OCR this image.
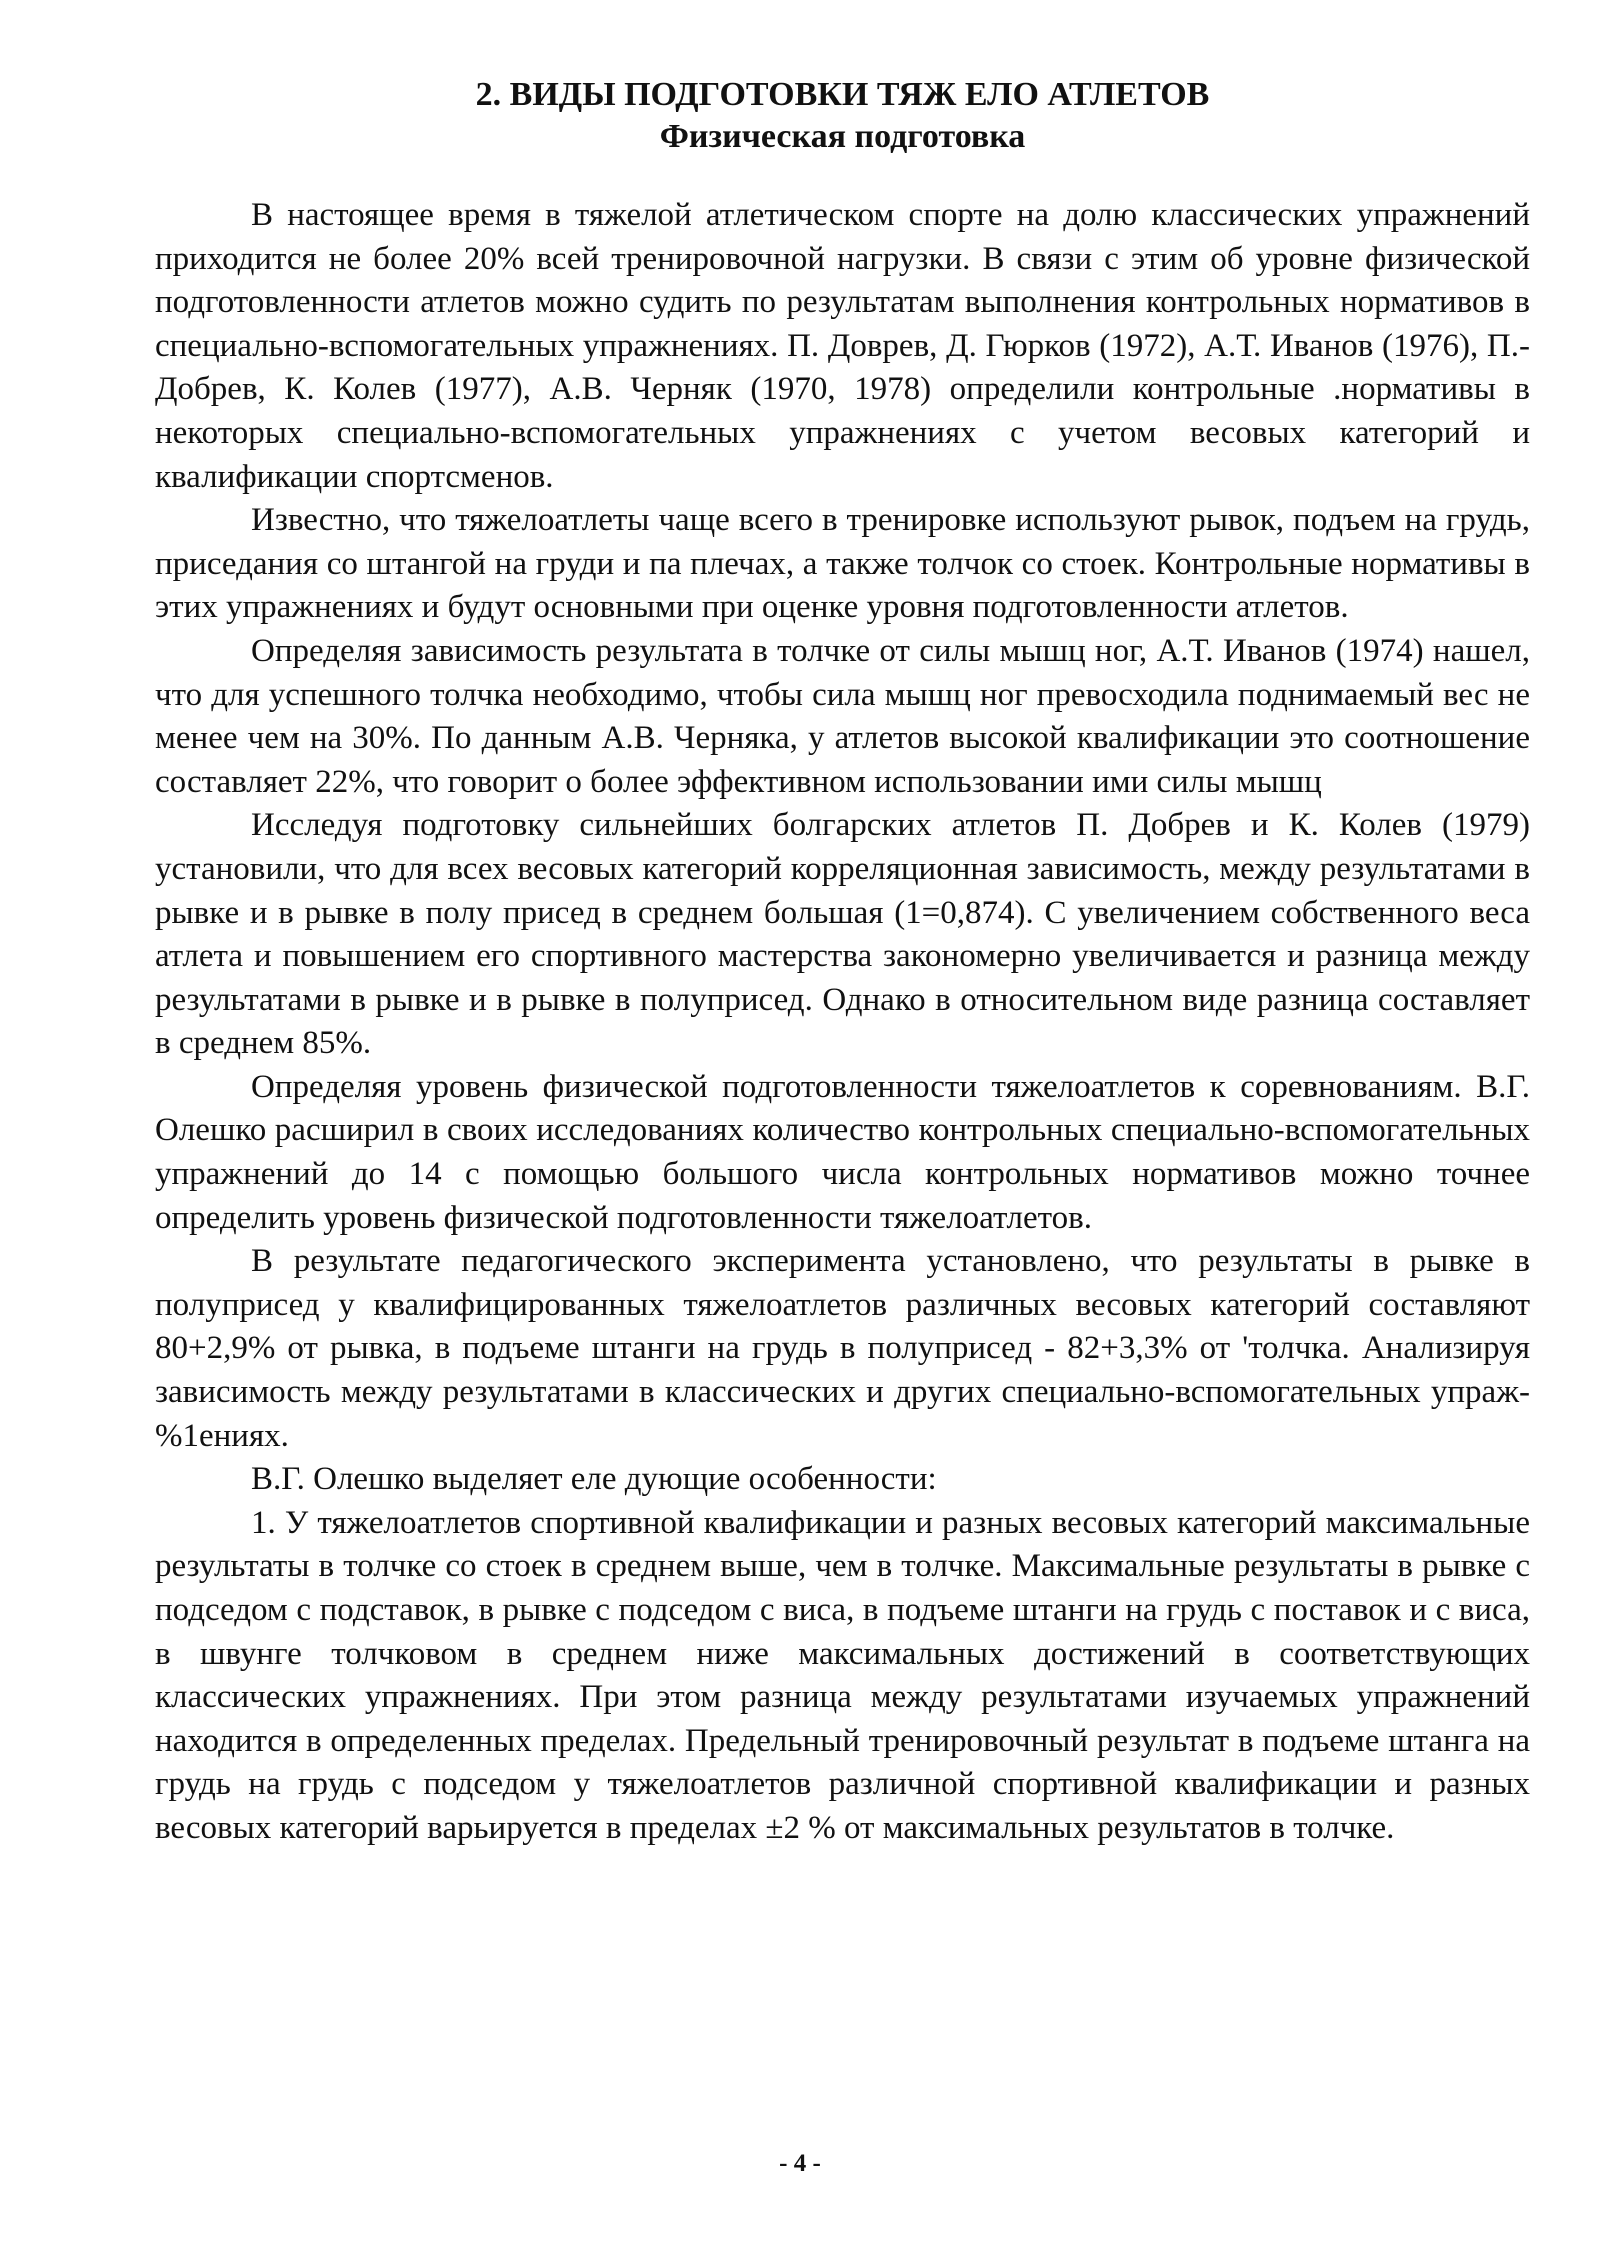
2. ВИДЫ ПОДГОТОВКИ ТЯЖ ЕЛО АТЛЕТОВ
Физическая подготовка

В настоящее время в тяжелой атлетическом спорте на долю классических упражнений приходится не более 20% всей тренировочной нагрузки. В связи с этим об уровне физической подготовленности атлетов можно судить по результатам выполнения контрольных нормативов в специально-вспомогательных упражнениях. П. Доврев, Д. Гюрков (1972), А.Т. Иванов (1976), П.-Добрев, К. Колев (1977), А.В. Черняк (1970, 1978) определили контрольные .нормативы в некоторых специально-вспомогательных упражнениях с учетом весовых категорий и квалификации спортсменов.

Известно, что тяжелоатлеты чаще всего в тренировке используют рывок, подъем на грудь, приседания со штангой на груди и па плечах, а также толчок со стоек. Контрольные нормативы в этих упражнениях и будут основными при оценке уровня подготовленности атлетов.

Определяя зависимость результата в толчке от силы мышц ног, А.Т. Иванов (1974) нашел, что для успешного толчка необходимо, чтобы сила мышц ног превосходила поднимаемый вес не менее чем на 30%. По данным А.В. Черняка, у атлетов высокой квалификации это соотношение составляет 22%, что говорит о более эффективном использовании ими силы мышц

Исследуя подготовку сильнейших болгарских атлетов П. Добрев и К. Колев (1979) установили, что для всех весовых категорий корреляционная зависимость, между результатами в рывке и в рывке в полу присед в среднем большая (1=0,874). С увеличением собственного веса атлета и повышением его спортивного мастерства закономерно увеличивается и разница между результатами в рывке и в рывке в полуприсед. Однако в относительном виде разница составляет в среднем 85%.

Определяя уровень физической подготовленности тяжелоатлетов к соревнованиям. В.Г. Олешко расширил в своих исследованиях количество контрольных специально-вспомогательных упражнений до 14 с помощью большого числа контрольных нормативов можно точнее определить уровень физической подготовленности тяжелоатлетов.

В результате педагогического эксперимента установлено, что результаты в рывке в полуприсед у квалифицированных тяжелоатлетов различных весовых категорий составляют 80+2,9% от рывка, в подъеме штанги на грудь в полуприсед - 82+3,3% от 'толчка. Анализируя зависимость между результатами в классических и других специально-вспомогательных упраж-%1ениях.

В.Г. Олешко выделяет еле дующие особенности:

1. У тяжелоатлетов спортивной квалификации и разных весовых категорий максимальные результаты в толчке со стоек в среднем выше, чем в толчке. Максимальные результаты в рывке с подседом с подставок, в рывке с подседом с виса, в подъеме штанги на грудь с поставок и с виса, в швунге толчковом в среднем ниже максимальных достижений в соответствующих классических упражнениях. При этом разница между результатами изучаемых упражнений находится в определенных пределах. Предельный тренировочный результат в подъеме штанга на грудь на грудь с подседом у тяжелоатлетов различной спортивной квалификации и разных весовых категорий варьируется в пределах ±2 % от максимальных результатов в толчке.

- 4 -
